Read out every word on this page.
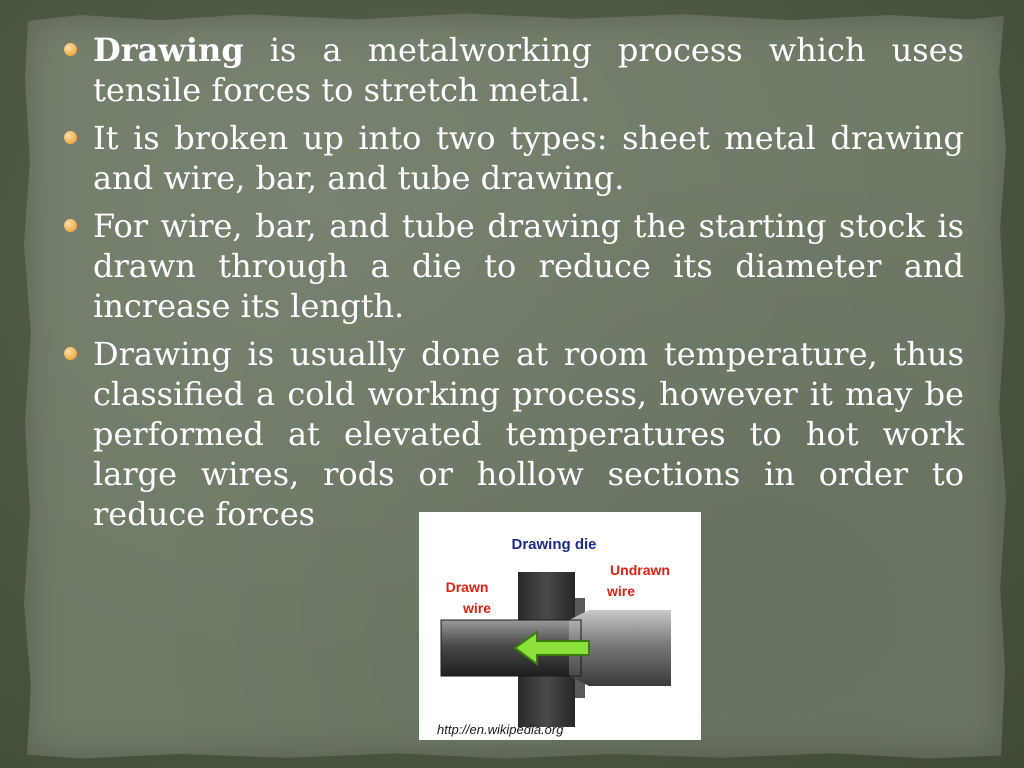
Drawing is a metalworking process which uses tensile forces to stretch metal.
It is broken up into two types: sheet metal drawing and wire, bar, and tube drawing.
For wire, bar, and tube drawing the starting stock is drawn through a die to reduce its diameter and increase its length.
Drawing is usually done at room temperature, thus classified a cold working process, however it may be performed at elevated temperatures to hot work large wires, rods or hollow sections in order to reduce forces
Drawing die
Drawn
wire
Undrawn
wire
http://en.wikipedia.org
